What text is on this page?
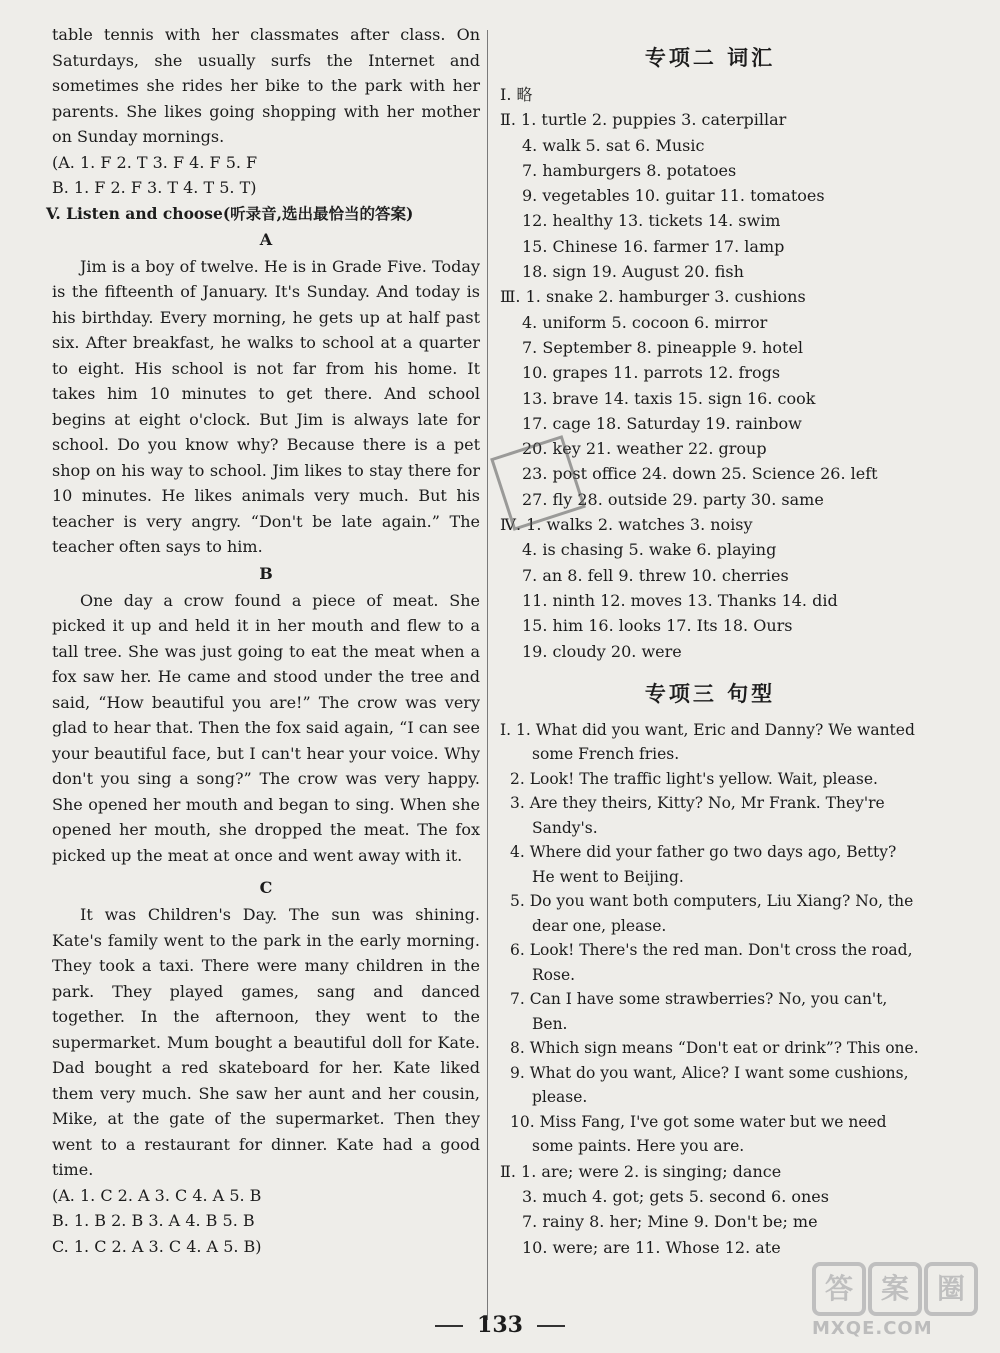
table tennis with her classmates after class. On Saturdays, she usually surfs the Internet and sometimes she rides her bike to the park with her parents. She likes going shopping with her mother on Sunday mornings.

(A. 1. F 2. T 3. F 4. F 5. F

B. 1. F 2. F 3. T 4. T 5. T)

V. Listen and choose(听录音,选出最恰当的答案)

A

Jim is a boy of twelve. He is in Grade Five. Today is the fifteenth of January. It's Sunday. And today is his birthday. Every morning, he gets up at half past six. After breakfast, he walks to school at a quarter to eight. His school is not far from his home. It takes him 10 minutes to get there. And school begins at eight o'clock. But Jim is always late for school. Do you know why? Because there is a pet shop on his way to school. Jim likes to stay there for 10 minutes. He likes animals very much. But his teacher is very angry. “Don't be late again.” The teacher often says to him.

B

One day a crow found a piece of meat. She picked it up and held it in her mouth and flew to a tall tree. She was just going to eat the meat when a fox saw her. He came and stood under the tree and said, “How beautiful you are!” The crow was very glad to hear that. Then the fox said again, “I can see your beautiful face, but I can't hear your voice. Why don't you sing a song?” The crow was very happy. She opened her mouth and began to sing. When she opened her mouth, she dropped the meat. The fox picked up the meat at once and went away with it.

C

It was Children's Day. The sun was shining. Kate's family went to the park in the early morning. They took a taxi. There were many children in the park. They played games, sang and danced together. In the afternoon, they went to the supermarket. Mum bought a beautiful doll for Kate. Dad bought a red skateboard for her. Kate liked them very much. She saw her aunt and her cousin, Mike, at the gate of the supermarket. Then they went to a restaurant for dinner. Kate had a good time.

(A. 1. C 2. A 3. C 4. A 5. B

B. 1. B 2. B 3. A 4. B 5. B

C. 1. C 2. A 3. C 4. A 5. B)

专项二 词汇

Ⅰ. 略

Ⅱ. 1. turtle 2. puppies 3. caterpillar

4. walk 5. sat 6. Music

7. hamburgers 8. potatoes

9. vegetables 10. guitar 11. tomatoes

12. healthy 13. tickets 14. swim

15. Chinese 16. farmer 17. lamp

18. sign 19. August 20. fish

Ⅲ. 1. snake 2. hamburger 3. cushions

4. uniform 5. cocoon 6. mirror

7. September 8. pineapple 9. hotel

10. grapes 11. parrots 12. frogs

13. brave 14. taxis 15. sign 16. cook

17. cage 18. Saturday 19. rainbow

20. key 21. weather 22. group

23. post office 24. down 25. Science 26. left

27. fly 28. outside 29. party 30. same

Ⅳ. 1. walks 2. watches 3. noisy

4. is chasing 5. wake 6. playing

7. an 8. fell 9. threw 10. cherries

11. ninth 12. moves 13. Thanks 14. did

15. him 16. looks 17. Its 18. Ours

19. cloudy 20. were

专项三 句型

Ⅰ. 1. What did you want, Eric and Danny? We wanted some French fries.

2. Look! The traffic light's yellow. Wait, please.

3. Are they theirs, Kitty? No, Mr Frank. They're Sandy's.

4. Where did your father go two days ago, Betty? He went to Beijing.

5. Do you want both computers, Liu Xiang? No, the dear one, please.

6. Look! There's the red man. Don't cross the road, Rose.

7. Can I have some strawberries? No, you can't, Ben.

8. Which sign means “Don't eat or drink”? This one.

9. What do you want, Alice? I want some cushions, please.

10. Miss Fang, I've got some water but we need some paints. Here you are.

Ⅱ. 1. are; were 2. is singing; dance

3. much 4. got; gets 5. second 6. ones

7. rainy 8. her; Mine 9. Don't be; me

10. were; are 11. Whose 12. ate

133
答 案 圈
MXQE.COM
